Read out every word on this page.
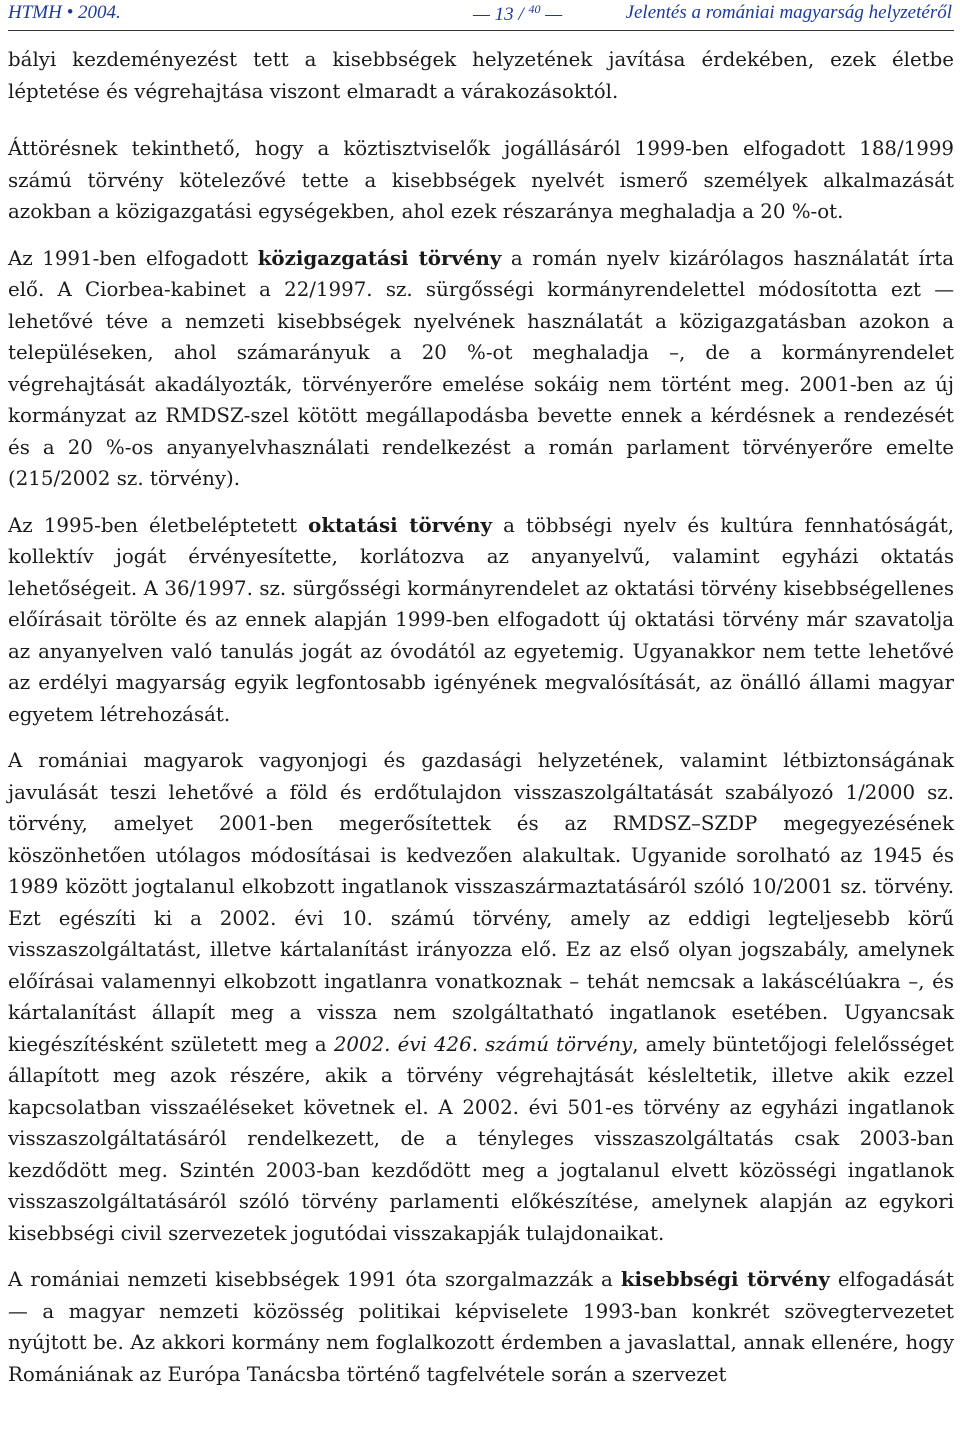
HTMH • 2004.	— 13 / $^{40}$ —	Jelentés a romániai magyarság helyzetéről

bályi kezdeményezést tett a kisebbségek helyzetének javítása érdekében, ezek életbe léptetése és végrehajtása viszont elmaradt a várakozásoktól.

Áttörésnek tekinthető, hogy a köztisztviselők jogállásáról 1999-ben elfogadott 188/1999 számú törvény kötelezővé tette a kisebbségek nyelvét ismerő személyek alkalmazását azokban a közigazgatási egységekben, ahol ezek részaránya meghaladja a 20 %-ot.

Az 1991-ben elfogadott közigazgatási törvény a román nyelv kizárólagos használatát írta elő. A Ciorbea-kabinet a 22/1997. sz. sürgősségi kormányrendelettel módosította ezt — lehetővé téve a nemzeti kisebbségek nyelvének használatát a közigazgatásban azokon a településeken, ahol számarányuk a 20 %-ot meghaladja –, de a kormányrendelet végrehajtását akadályozták, törvényerőre emelése sokáig nem történt meg. 2001-ben az új kormányzat az RMDSZ-szel kötött megállapodásba bevette ennek a kérdésnek a rendezését és a 20 %-os anyanyelvhasználati rendelkezést a román parlament törvényerőre emelte (215/2002 sz. törvény).

Az 1995-ben életbeléptetett oktatási törvény a többségi nyelv és kultúra fennhatóságát, kollektív jogát érvényesítette, korlátozva az anyanyelvű, valamint egyházi oktatás lehetőségeit. A 36/1997. sz. sürgősségi kormányrendelet az oktatási törvény kisebbségellenes előírásait törölte és az ennek alapján 1999-ben elfogadott új oktatási törvény már szavatolja az anyanyelven való tanulás jogát az óvodától az egyetemig. Ugyanakkor nem tette lehetővé az erdélyi magyarság egyik legfontosabb igényének megvalósítását, az önálló állami magyar egyetem létrehozását.

A romániai magyarok vagyonjogi és gazdasági helyzetének, valamint létbiztonságának javulását teszi lehetővé a föld és erdőtulajdon visszaszolgáltatását szabályozó 1/2000 sz. törvény, amelyet 2001-ben megerősítettek és az RMDSZ–SZDP megegyezésének köszönhetően utólagos módosításai is kedvezően alakultak. Ugyanide sorolható az 1945 és 1989 között jogtalanul elkobzott ingatlanok visszaszármaztatásáról szóló 10/2001 sz. törvény. Ezt egészíti ki a 2002. évi 10. számú törvény, amely az eddigi legteljesebb körű visszaszolgáltatást, illetve kártalanítást irányozza elő. Ez az első olyan jogszabály, amelynek előírásai valamennyi elkobzott ingatlanra vonatkoznak – tehát nemcsak a lakáscélúakra –, és kártalanítást állapít meg a vissza nem szolgáltatható ingatlanok esetében. Ugyancsak kiegészítésként született meg a 2002. évi 426. számú törvény, amely büntetőjogi felelősséget állapított meg azok részére, akik a törvény végrehajtását késleltetik, illetve akik ezzel kapcsolatban visszaéléseket követnek el. A 2002. évi 501-es törvény az egyházi ingatlanok visszaszolgáltatásáról rendelkezett, de a tényleges visszaszolgáltatás csak 2003-ban kezdődött meg. Szintén 2003-ban kezdődött meg a jogtalanul elvett közösségi ingatlanok visszaszolgáltatásáról szóló törvény parlamenti előkészítése, amelynek alapján az egykori kisebbségi civil szervezetek jogutódai visszakapják tulajdonaikat.

A romániai nemzeti kisebbségek 1991 óta szorgalmazzák a kisebbségi törvény elfogadását — a magyar nemzeti közösség politikai képviselete 1993-ban konkrét szövegtervezetet nyújtott be. Az akkori kormány nem foglalkozott érdemben a javaslattal, annak ellenére, hogy Romániának az Európa Tanácsba történő tagfelvétele során a szervezet
